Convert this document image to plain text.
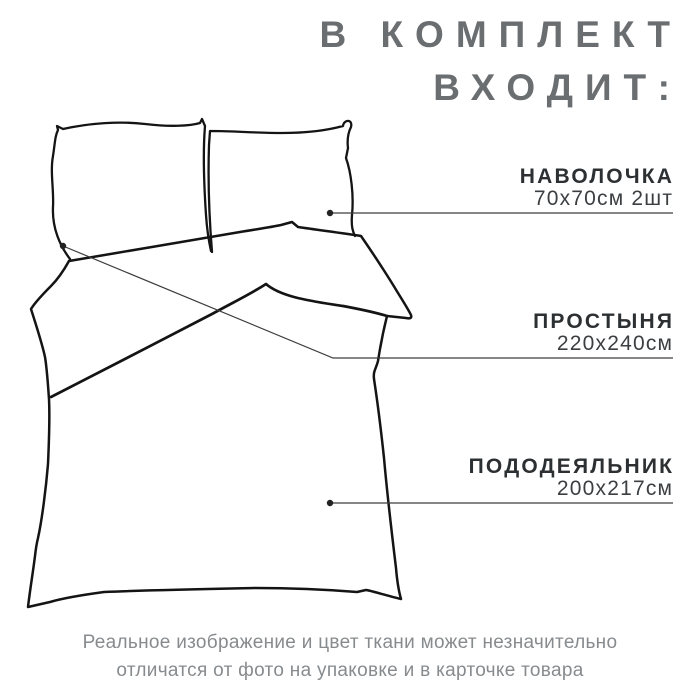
В КОМПЛЕКТ
ВХОДИТ:
НАВОЛОЧКА
70х70см 2шт
ПРОСТЫНЯ
220х240см
ПОДОДЕЯЛЬНИК
200х217см
Реальное изображение и цвет ткани может незначительно
отличатся от фото на упаковке и в карточке товара
